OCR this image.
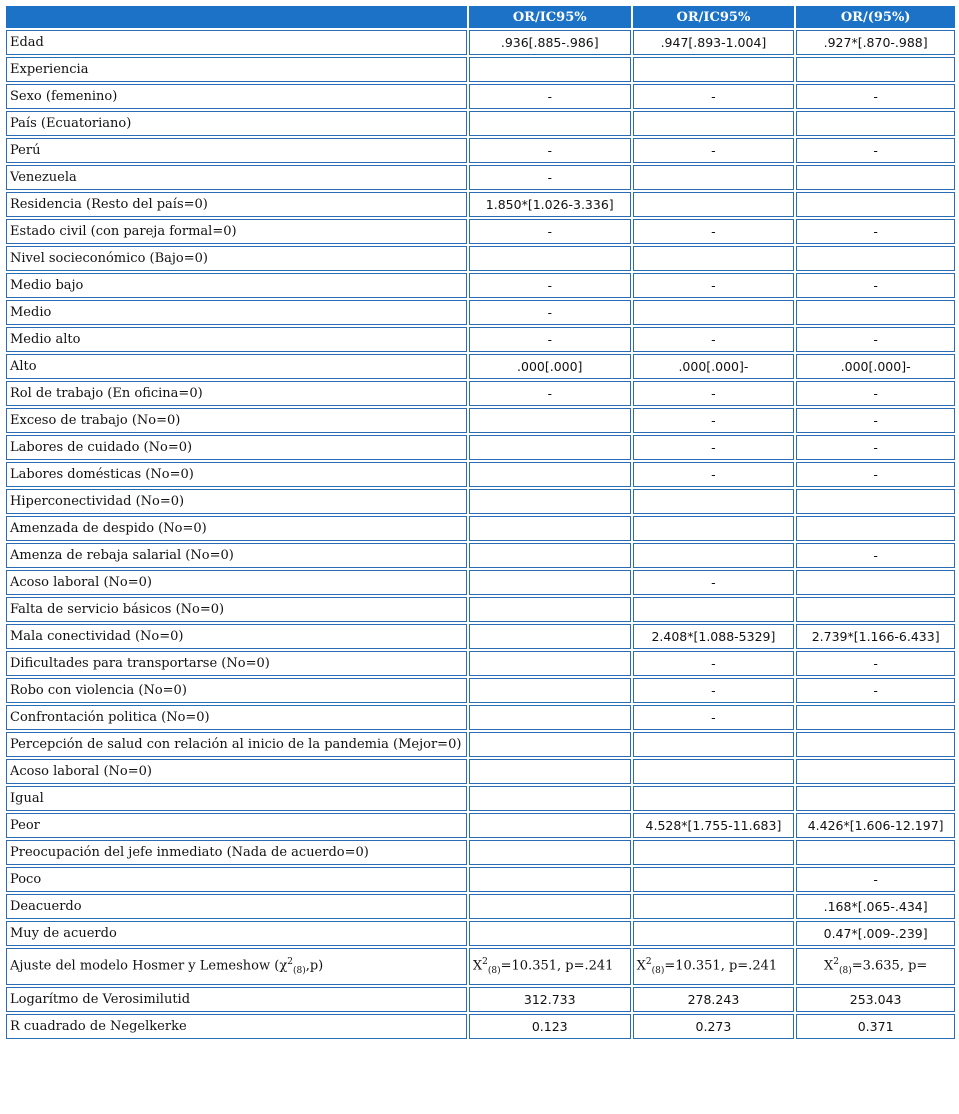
	OR/IC95%	OR/IC95%	OR/(95%)
Edad	.936[.885-.986]	.947[.893-1.004]	.927*[.870-.988]
Experiencia			
Sexo (femenino)	-	-	-
País (Ecuatoriano)			
Perú	-	-	-
Venezuela	-		
Residencia (Resto del país=0)	1.850*[1.026-3.336]		
Estado civil (con pareja formal=0)	-	-	-
Nivel socieconómico (Bajo=0)			
Medio bajo	-	-	-
Medio	-		
Medio alto	-	-	-
Alto	.000[.000]	.000[.000]-	.000[.000]-
Rol de trabajo (En oficina=0)	-	-	-
Exceso de trabajo (No=0)		-	-
Labores de cuidado (No=0)		-	-
Labores domésticas (No=0)		-	-
Hiperconectividad (No=0)			
Amenzada de despido (No=0)			
Amenza de rebaja salarial (No=0)			-
Acoso laboral (No=0)		-	
Falta de servicio básicos (No=0)			
Mala conectividad (No=0)		2.408*[1.088-5329]	2.739*[1.166-6.433]
Dificultades para transportarse (No=0)		-	-
Robo con violencia (No=0)		-	-
Confrontación politica (No=0)		-	
Percepción de salud con relación al inicio de la pandemia (Mejor=0)			
Acoso laboral (No=0)			
Igual			
Peor		4.528*[1.755-11.683]	4.426*[1.606-12.197]
Preocupación del jefe inmediato (Nada de acuerdo=0)			
Poco			-
Deacuerdo			.168*[.065-.434]
Muy de acuerdo			0.47*[.009-.239]
Ajuste del modelo Hosmer y Lemeshow $(\chi^2_{(8)},p)$	$X^2_{(8)}=10.351$, p=.241	$X^2_{(8)}=10.351$, p=.241	$X^2_{(8)}=3.635$, p=
Logarítmo de Verosimilutid	312.733	278.243	253.043
R cuadrado de Negelkerke	0.123	0.273	0.371
